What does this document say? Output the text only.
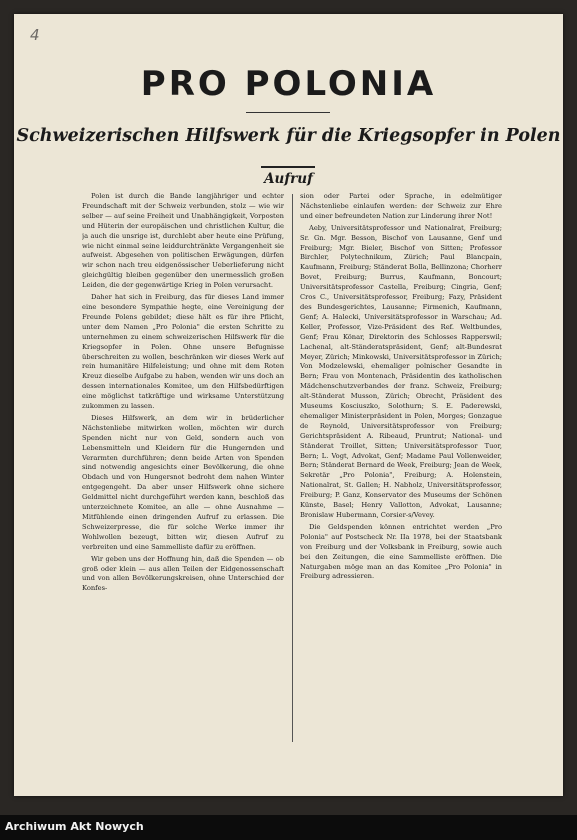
4
PRO POLONIA
Schweizerischen Hilfswerk für die Kriegsopfer in Polen
Aufruf

Polen ist durch die Bande langjähriger und echter Freundschaft mit der Schweiz verbunden, stolz — wie wir selber — auf seine Freiheit und Unabhängigkeit, Vorposten und Hüterin der europäischen und christlichen Kultur, die ja auch die unsrige ist, durchlebt aber heute eine Prüfung, wie nicht einmal seine leiddurchtränkte Vergangenheit sie aufweist. Abgesehen von politischen Erwägungen, dürfen wir schon nach treu eidgenössischer Ueberlieferung nicht gleichgültig bleiben gegenüber den unermesslich großen Leiden, die der gegenwärtige Krieg in Polen verursacht.

Daher hat sich in Freiburg, das für dieses Land immer eine besondere Sympathie hegte, eine Vereinigung der Freunde Polens gebildet; diese hält es für ihre Pflicht, unter dem Namen „Pro Polonia" die ersten Schritte zu unternehmen zu einem schweizerischen Hilfswerk für die Kriegsopfer in Polen. Ohne unsere Befugnisse überschreiten zu wollen, beschränken wir dieses Werk auf rein humanitäre Hilfeleistung; und ohne mit dem Roten Kreuz dieselbe Aufgabe zu haben, wenden wir uns doch an dessen internationales Komitee, um den Hilfsbedürftigen eine möglichst tatkräftige und wirksame Unterstützung zukommen zu lassen.

Dieses Hilfswerk, an dem wir in brüderlicher Nächstenliebe mitwirken wollen, möchten wir durch Spenden nicht nur von Geld, sondern auch von Lebensmitteln und Kleidern für die Hungernden und Verarmten durchführen; denn beide Arten von Spenden sind notwendig angesichts einer Bevölkerung, die ohne Obdach und von Hungersnot bedroht dem nahen Winter entgegengeht. Da aber unser Hilfswerk ohne sichere Geldmittel nicht durchgeführt werden kann, beschloß das unterzeichnete Komitee, an alle — ohne Ausnahme — Mitfühlende einen dringenden Aufruf zu erlassen. Die Schweizerpresse, die für solche Werke immer ihr Wohlwollen bezeugt, bitten wir, diesen Aufruf zu verbreiten und eine Sammelliste dafür zu eröffnen.

Wir geben uns der Hoffnung hin, daß die Spenden — ob groß oder klein — aus allen Teilen der Eidgenossenschaft und von allen Bevölkerungskreisen, ohne Unterschied der Konfes-

sion oder Partei oder Sprache, in edelmütiger Nächstenliebe einlaufen werden: der Schweiz zur Ehre und einer befreundeten Nation zur Linderung ihrer Not!

Aeby, Universitätsprofessor und Nationalrat, Freiburg; Sr. Gn. Mgr. Besson, Bischof von Lausanne, Genf und Freiburg; Mgr. Bieler, Bischof von Sitten; Professor Birchler, Polytechnikum, Zürich; Paul Blancpain, Kaufmann, Freiburg; Ständerat Bolla, Bellinzona; Chorherr Bovet, Freiburg; Burrus, Kaufmann, Boncourt; Universitätsprofessor Castella, Freiburg; Cingria, Genf; Cros C., Universitätsprofessor, Freiburg; Fazy, Präsident des Bundesgerichtes, Lausanne; Firmenich, Kaufmann, Genf; A. Halecki, Universitätsprofessor in Warschau; Ad. Keller, Professor, Vize-Präsident des Ref. Weltbundes, Genf; Frau Könar, Direktorin des Schlosses Rapperswil; Lachenal, alt-Ständeratspräsident, Genf; alt-Bundesrat Meyer, Zürich; Minkowski, Universitätsprofessor in Zürich; Von Modzelewski, ehemaliger polnischer Gesandte in Bern; Frau von Montenach, Präsidentin des katholischen Mädchenschutzverbandes der franz. Schweiz, Freiburg; alt-Ständerat Musson, Zürich; Obrecht, Präsident des Museums Kosciuszko, Solothurn; S. E. Paderewski, ehemaliger Ministerpräsident in Polen, Morges; Gonzague de Reynold, Universitätsprofessor von Freiburg; Gerichtspräsident A. Ribeaud, Pruntrut; National- und Ständerat Troillet, Sitten; Universitätsprofessor Tuor, Bern; L. Vogt, Advokat, Genf; Madame Paul Vollenweider, Bern; Ständerat Bernard de Week, Freiburg; Jean de Week, Sekretär „Pro Polonia", Freiburg; A. Holenstein, Nationalrat, St. Gallen; H. Nabholz, Universitätsprofessor, Freiburg; P. Ganz, Konservator des Museums der Schönen Künste, Basel; Henry Vallotton, Advokat, Lausanne; Bronislaw Hubermann, Corsier-s/Vevey.

Die Geldspenden können entrichtet werden „Pro Polonia" auf Postscheck Nr. IIa 1978, bei der Staatsbank von Freiburg und der Volksbank in Freiburg, sowie auch bei den Zeitungen, die eine Sammelliste eröffnen. Die Naturgaben möge man an das Komitee „Pro Polonia" in Freiburg adressieren.

Archiwum Akt Nowych
